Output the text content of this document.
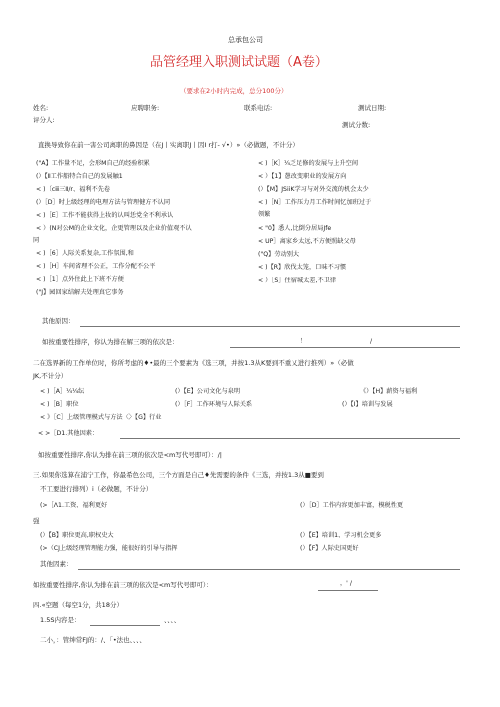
总承包公司
品管经理入职测试试题（A卷）
（要求在2小时内完成，总分100分）
姓名:	应聘职务:	联系电话:	测试日期:
评分人:
测试分数:
直换导致你在前一害公司离职的鼻因是（在J丨实离职J丨因I r打- √•）»（必做题，不计分）
("A】工作量不足，会形M自己的经验积累
(）【Ⅱ工作船特合自己的发展触1
< )〔cⅲ三Ⅱ/r、福利不先卷
(）［D］时上级经理的电理方法与管理健方不认同
< )［E］工作不能获得上妆的认叫恁党全不利承认
< ）(N对公M的企业文化，企更管理以及企业价值观不认
同
< )［6］人际关系复杂,工作氛围,和
< )［H］车间省理不公正，工作分配不公平
< )［1］点外住此上下班不方便
("J】园回家结解夫处理真它事务
< )［K］¼乏足修的发展与上升空间
< ）【1】憩改变职业的发展方向
(）【M】JSiiK学习与对外交流的机会太少
< )［N］工作压力月工作时间忆加班过于
领繁
< "0】悉人,比倒分居局Jfe
< UP］离家乡太远,不方便照缺父母
("Q】劳动别大
< )【R】欣伐太笼，口味不习惯
< ）［S］住宿城太差,不卫律
其他原因：
如按重要性排序，你认为排在解三项的依次是：	！	/
二在选界新的工作单位时，你所考虑的♦•最的三个要素为《选三项，并按1.3从K要到不重乂进行推列）»（必做
JK,不计分）
< )［A］¼¼纭	(）【E】公司文化与泉明	《）【H】薪资与福利
< )［B］职位	(）［F］工作环境与人际关系	(）【I】培训与发展
< 》［C］上级管理模式与方法〈〉【G】行业
< >［D1.其他因素：
如按重要性排序,你认为排在前三项的依次是<m写代号即可）：/|
三.如果你选算在浦宁工作，你最希色公司，三个方面是自己♦先需要的条件《三选，并按1.3从■要到
不工要进行排列）i（必做题，不计分）
(>［Λ1.工资、福利更好	(）［D］工作内容更加丰富，模税性更
强
(）【B】职位更高,职权史大	(）【E】培训1、学习机会更多
(>（CJ上级经理管理能力强，能很好的引导与指挥	(）【F】人际史国更好
其他因素：
如按重要性排序,你认为排在前三项的依次是<m写代号即可）：	，' /
四.«空题（每空1分，共18分）
1.5S内容是：	、、、、
二小，：管绅常FJ的：/、「•法也、、、、
